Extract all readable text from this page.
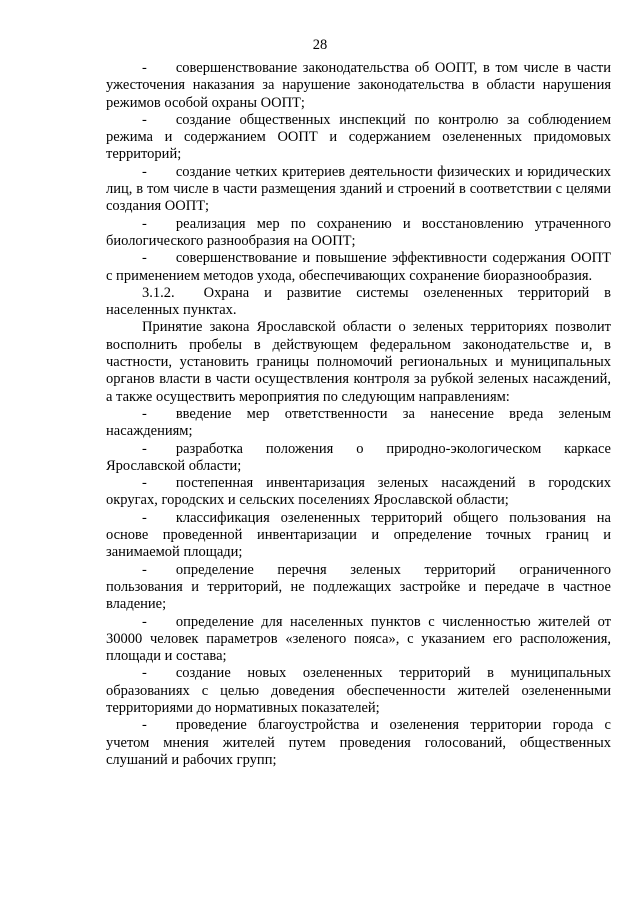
28

-  совершенствование законодательства об ООПТ, в том числе в части ужесточения наказания за нарушение законодательства в области нарушения режимов особой охраны ООПТ;

-  создание общественных инспекций по контролю за соблюдением режима и содержанием ООПТ и содержанием озелененных придомовых территорий;

-  создание четких критериев деятельности физических и юридических лиц, в том числе в части размещения зданий и строений в соответствии с целями создания ООПТ;

-  реализация мер по сохранению и восстановлению утраченного биологического разнообразия на ООПТ;

-  совершенствование и повышение эффективности содержания ООПТ с применением методов ухода, обеспечивающих сохранение биоразнообразия.

3.1.2.  Охрана и развитие системы озелененных территорий в населенных пунктах.

Принятие закона Ярославской области о зеленых территориях позволит восполнить пробелы в действующем федеральном законодательстве и, в частности, установить границы полномочий региональных и муниципальных органов власти в части осуществления контроля за рубкой зеленых насаждений, а также осуществить мероприятия по следующим направлениям:

-  введение мер ответственности за нанесение вреда зеленым насаждениям;

-  разработка положения о природно-экологическом каркасе Ярославской области;

-  постепенная инвентаризация зеленых насаждений в городских округах, городских и сельских поселениях Ярославской области;

-  классификация озелененных территорий общего пользования на основе проведенной инвентаризации и определение точных границ и занимаемой площади;

-  определение перечня зеленых территорий ограниченного пользования и территорий, не подлежащих застройке и передаче в частное владение;

-  определение для населенных пунктов с численностью жителей от 30000 человек параметров «зеленого пояса», с указанием его расположения, площади и состава;

-  создание новых озелененных территорий в муниципальных образованиях с целью доведения обеспеченности жителей озелененными территориями до нормативных показателей;

-  проведение благоустройства и озеленения территории города с учетом мнения жителей путем проведения голосований, общественных слушаний и рабочих групп;
